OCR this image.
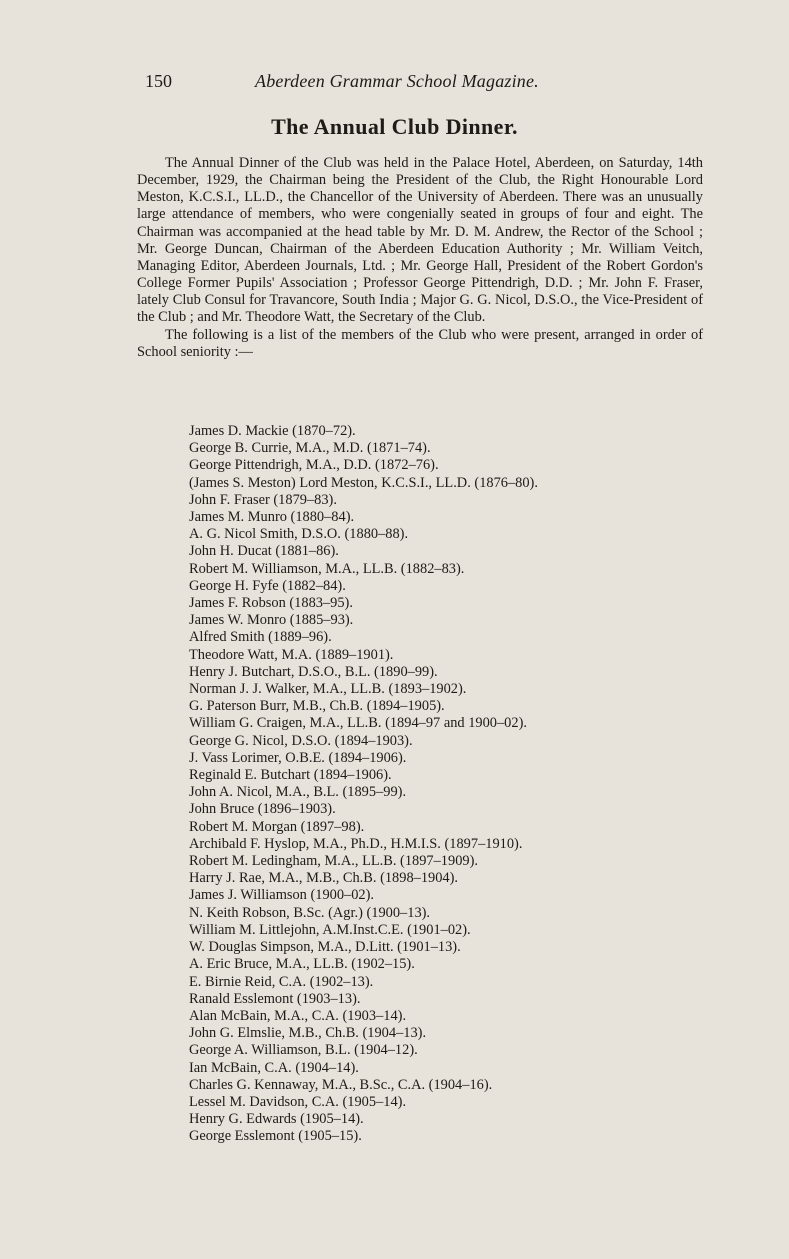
150	Aberdeen Grammar School Magazine.
The Annual Club Dinner.

The Annual Dinner of the Club was held in the Palace Hotel, Aberdeen, on Saturday, 14th December, 1929, the Chairman being the President of the Club, the Right Honourable Lord Meston, K.C.S.I., LL.D., the Chancellor of the University of Aberdeen. There was an unusually large attendance of members, who were congenially seated in groups of four and eight. The Chairman was accompanied at the head table by Mr. D. M. Andrew, the Rector of the School ; Mr. George Duncan, Chairman of the Aberdeen Education Authority ; Mr. William Veitch, Managing Editor, Aberdeen Journals, Ltd. ; Mr. George Hall, President of the Robert Gordon's College Former Pupils' Association ; Professor George Pittendrigh, D.D. ; Mr. John F. Fraser, lately Club Consul for Travancore, South India ; Major G. G. Nicol, D.S.O., the Vice-President of the Club ; and Mr. Theodore Watt, the Secretary of the Club.

The following is a list of the members of the Club who were present, arranged in order of School seniority :—

James D. Mackie (1870–72).
George B. Currie, M.A., M.D. (1871–74).
George Pittendrigh, M.A., D.D. (1872–76).
(James S. Meston) Lord Meston, K.C.S.I., LL.D. (1876–80).
John F. Fraser (1879–83).
James M. Munro (1880–84).
A. G. Nicol Smith, D.S.O. (1880–88).
John H. Ducat (1881–86).
Robert M. Williamson, M.A., LL.B. (1882–83).
George H. Fyfe (1882–84).
James F. Robson (1883–95).
James W. Monro (1885–93).
Alfred Smith (1889–96).
Theodore Watt, M.A. (1889–1901).
Henry J. Butchart, D.S.O., B.L. (1890–99).
Norman J. J. Walker, M.A., LL.B. (1893–1902).
G. Paterson Burr, M.B., Ch.B. (1894–1905).
William G. Craigen, M.A., LL.B. (1894–97 and 1900–02).
George G. Nicol, D.S.O. (1894–1903).
J. Vass Lorimer, O.B.E. (1894–1906).
Reginald E. Butchart (1894–1906).
John A. Nicol, M.A., B.L. (1895–99).
John Bruce (1896–1903).
Robert M. Morgan (1897–98).
Archibald F. Hyslop, M.A., Ph.D., H.M.I.S. (1897–1910).
Robert M. Ledingham, M.A., LL.B. (1897–1909).
Harry J. Rae, M.A., M.B., Ch.B. (1898–1904).
James J. Williamson (1900–02).
N. Keith Robson, B.Sc. (Agr.) (1900–13).
William M. Littlejohn, A.M.Inst.C.E. (1901–02).
W. Douglas Simpson, M.A., D.Litt. (1901–13).
A. Eric Bruce, M.A., LL.B. (1902–15).
E. Birnie Reid, C.A. (1902–13).
Ranald Esslemont (1903–13).
Alan McBain, M.A., C.A. (1903–14).
John G. Elmslie, M.B., Ch.B. (1904–13).
George A. Williamson, B.L. (1904–12).
Ian McBain, C.A. (1904–14).
Charles G. Kennaway, M.A., B.Sc., C.A. (1904–16).
Lessel M. Davidson, C.A. (1905–14).
Henry G. Edwards (1905–14).
George Esslemont (1905–15).
